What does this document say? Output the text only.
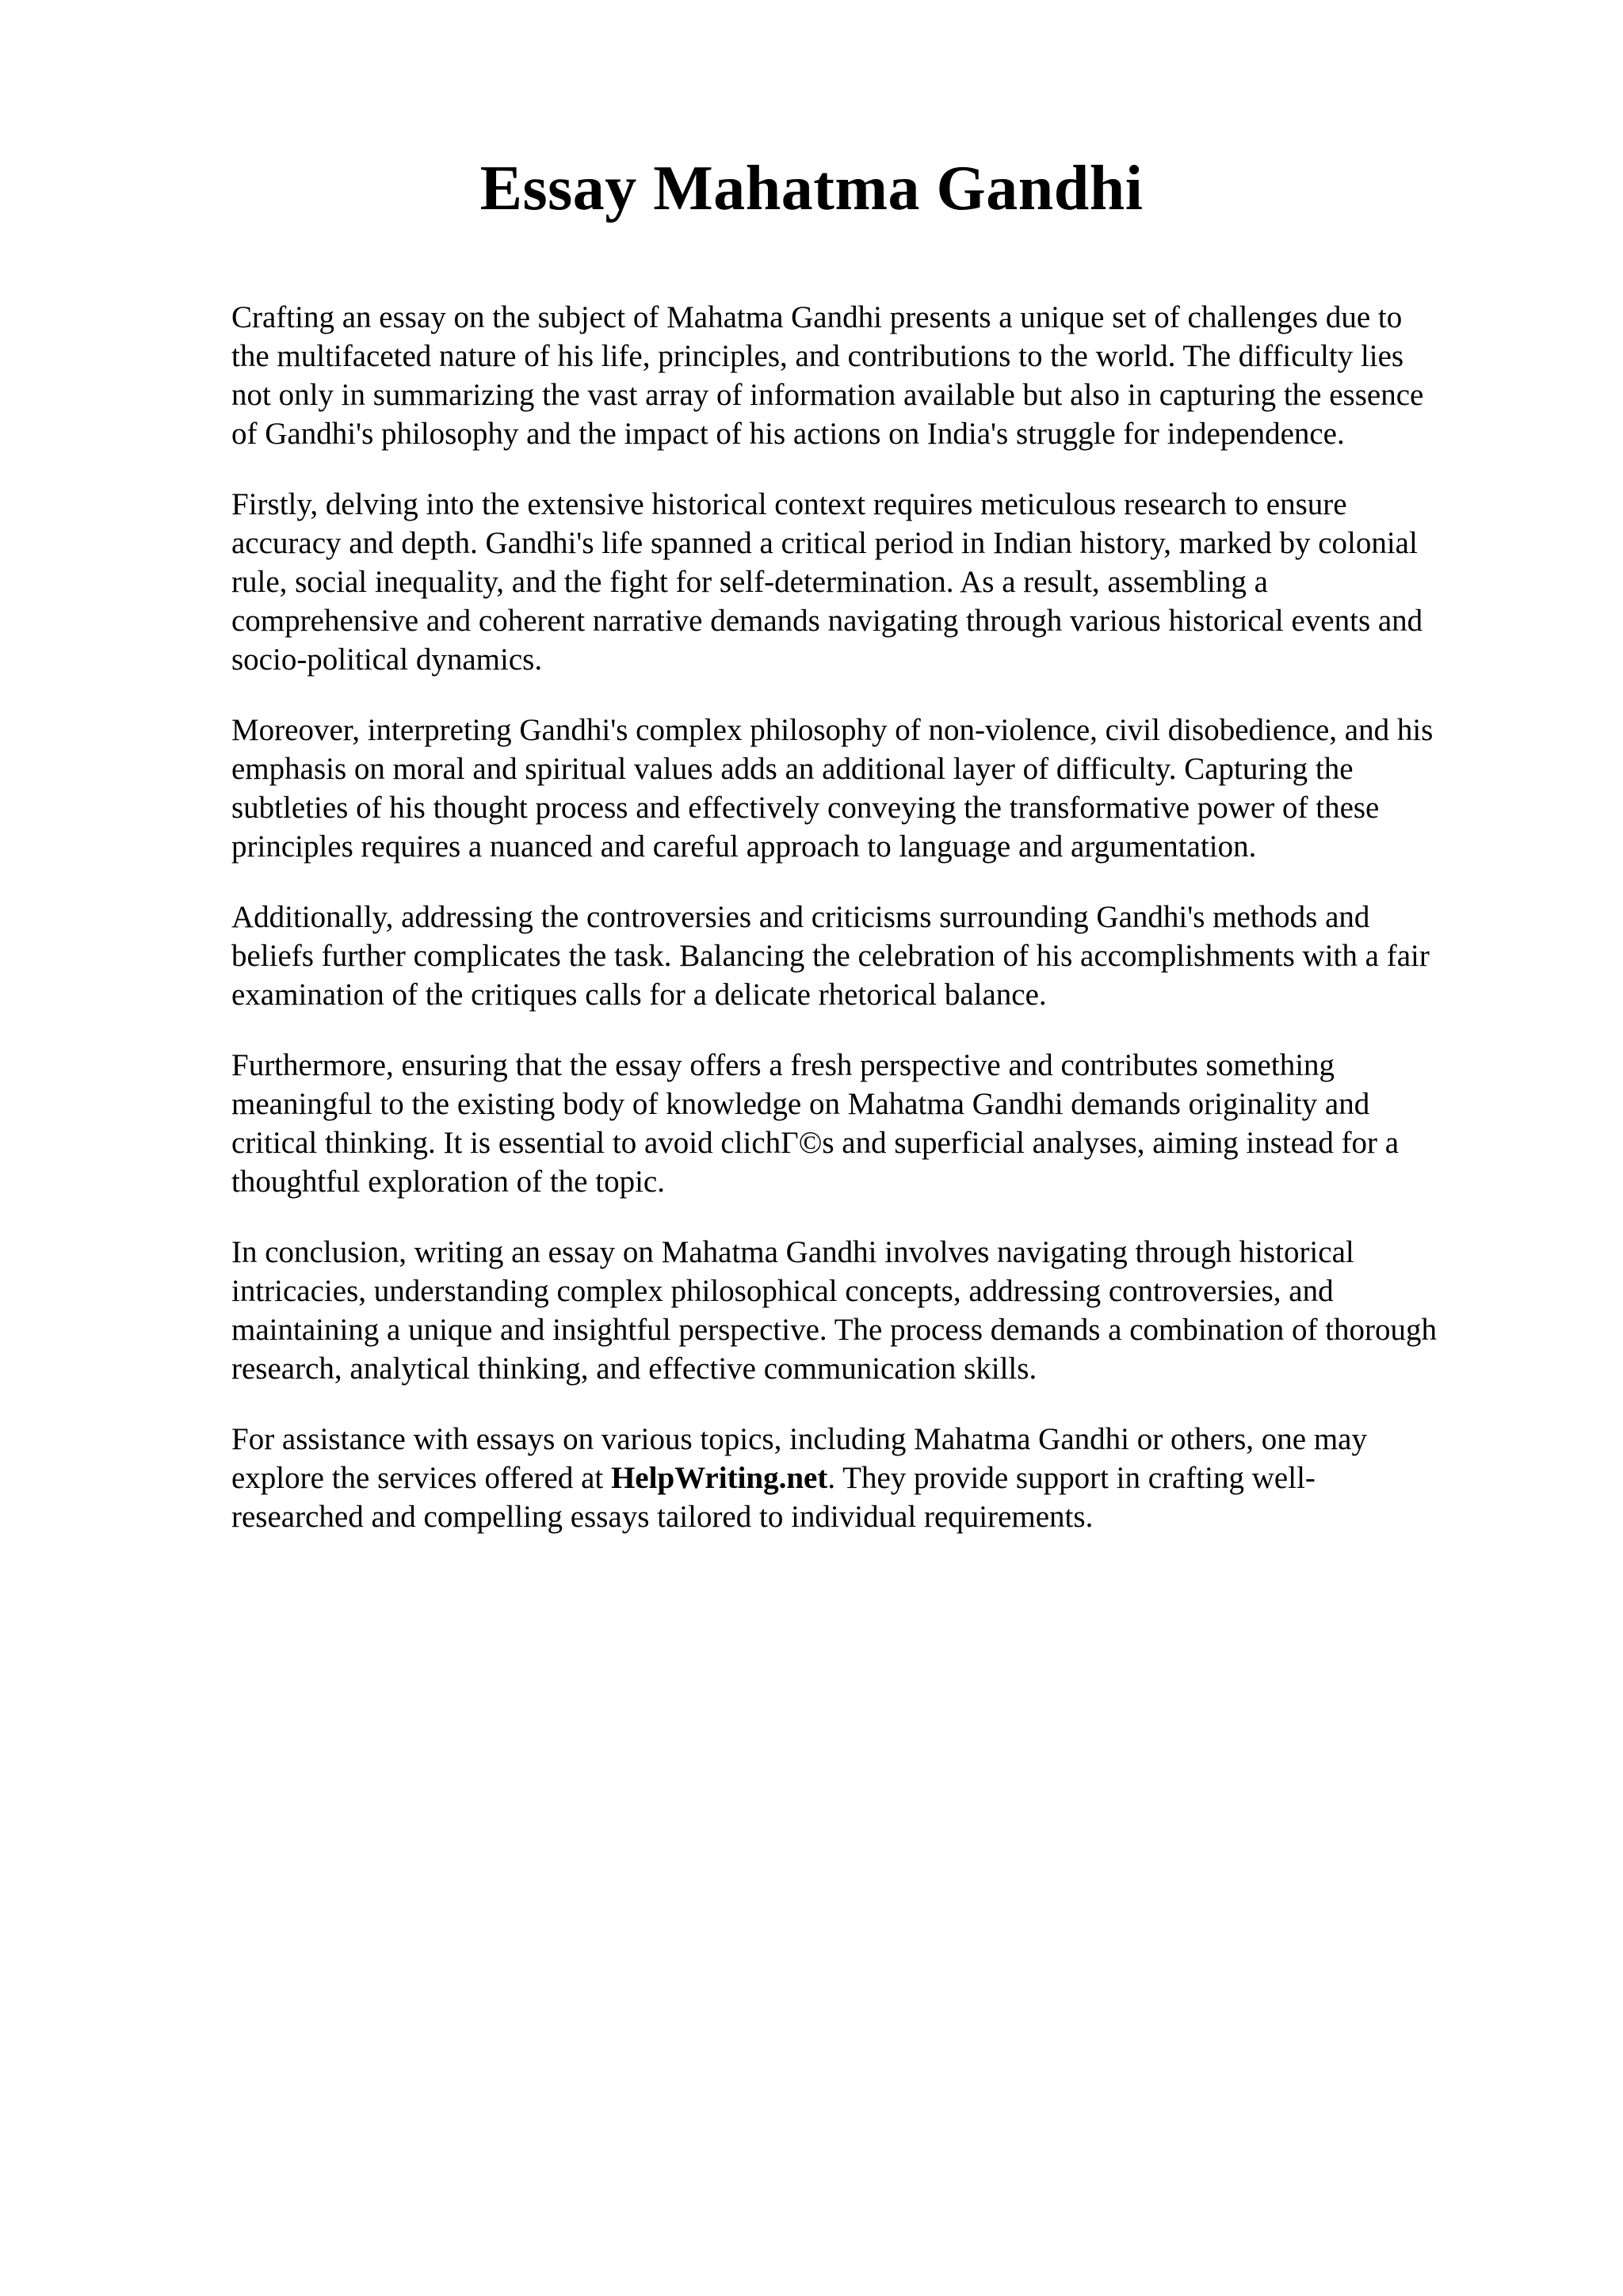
Essay Mahatma Gandhi

Crafting an essay on the subject of Mahatma Gandhi presents a unique set of challenges due to
the multifaceted nature of his life, principles, and contributions to the world. The difficulty lies
not only in summarizing the vast array of information available but also in capturing the essence
of Gandhi's philosophy and the impact of his actions on India's struggle for independence.

Firstly, delving into the extensive historical context requires meticulous research to ensure
accuracy and depth. Gandhi's life spanned a critical period in Indian history, marked by colonial
rule, social inequality, and the fight for self-determination. As a result, assembling a
comprehensive and coherent narrative demands navigating through various historical events and
socio-political dynamics.

Moreover, interpreting Gandhi's complex philosophy of non-violence, civil disobedience, and his
emphasis on moral and spiritual values adds an additional layer of difficulty. Capturing the
subtleties of his thought process and effectively conveying the transformative power of these
principles requires a nuanced and careful approach to language and argumentation.

Additionally, addressing the controversies and criticisms surrounding Gandhi's methods and
beliefs further complicates the task. Balancing the celebration of his accomplishments with a fair
examination of the critiques calls for a delicate rhetorical balance.

Furthermore, ensuring that the essay offers a fresh perspective and contributes something
meaningful to the existing body of knowledge on Mahatma Gandhi demands originality and
critical thinking. It is essential to avoid clichΓ©s and superficial analyses, aiming instead for a
thoughtful exploration of the topic.

In conclusion, writing an essay on Mahatma Gandhi involves navigating through historical
intricacies, understanding complex philosophical concepts, addressing controversies, and
maintaining a unique and insightful perspective. The process demands a combination of thorough
research, analytical thinking, and effective communication skills.

For assistance with essays on various topics, including Mahatma Gandhi or others, one may
explore the services offered at HelpWriting.net. They provide support in crafting well-
researched and compelling essays tailored to individual requirements.
